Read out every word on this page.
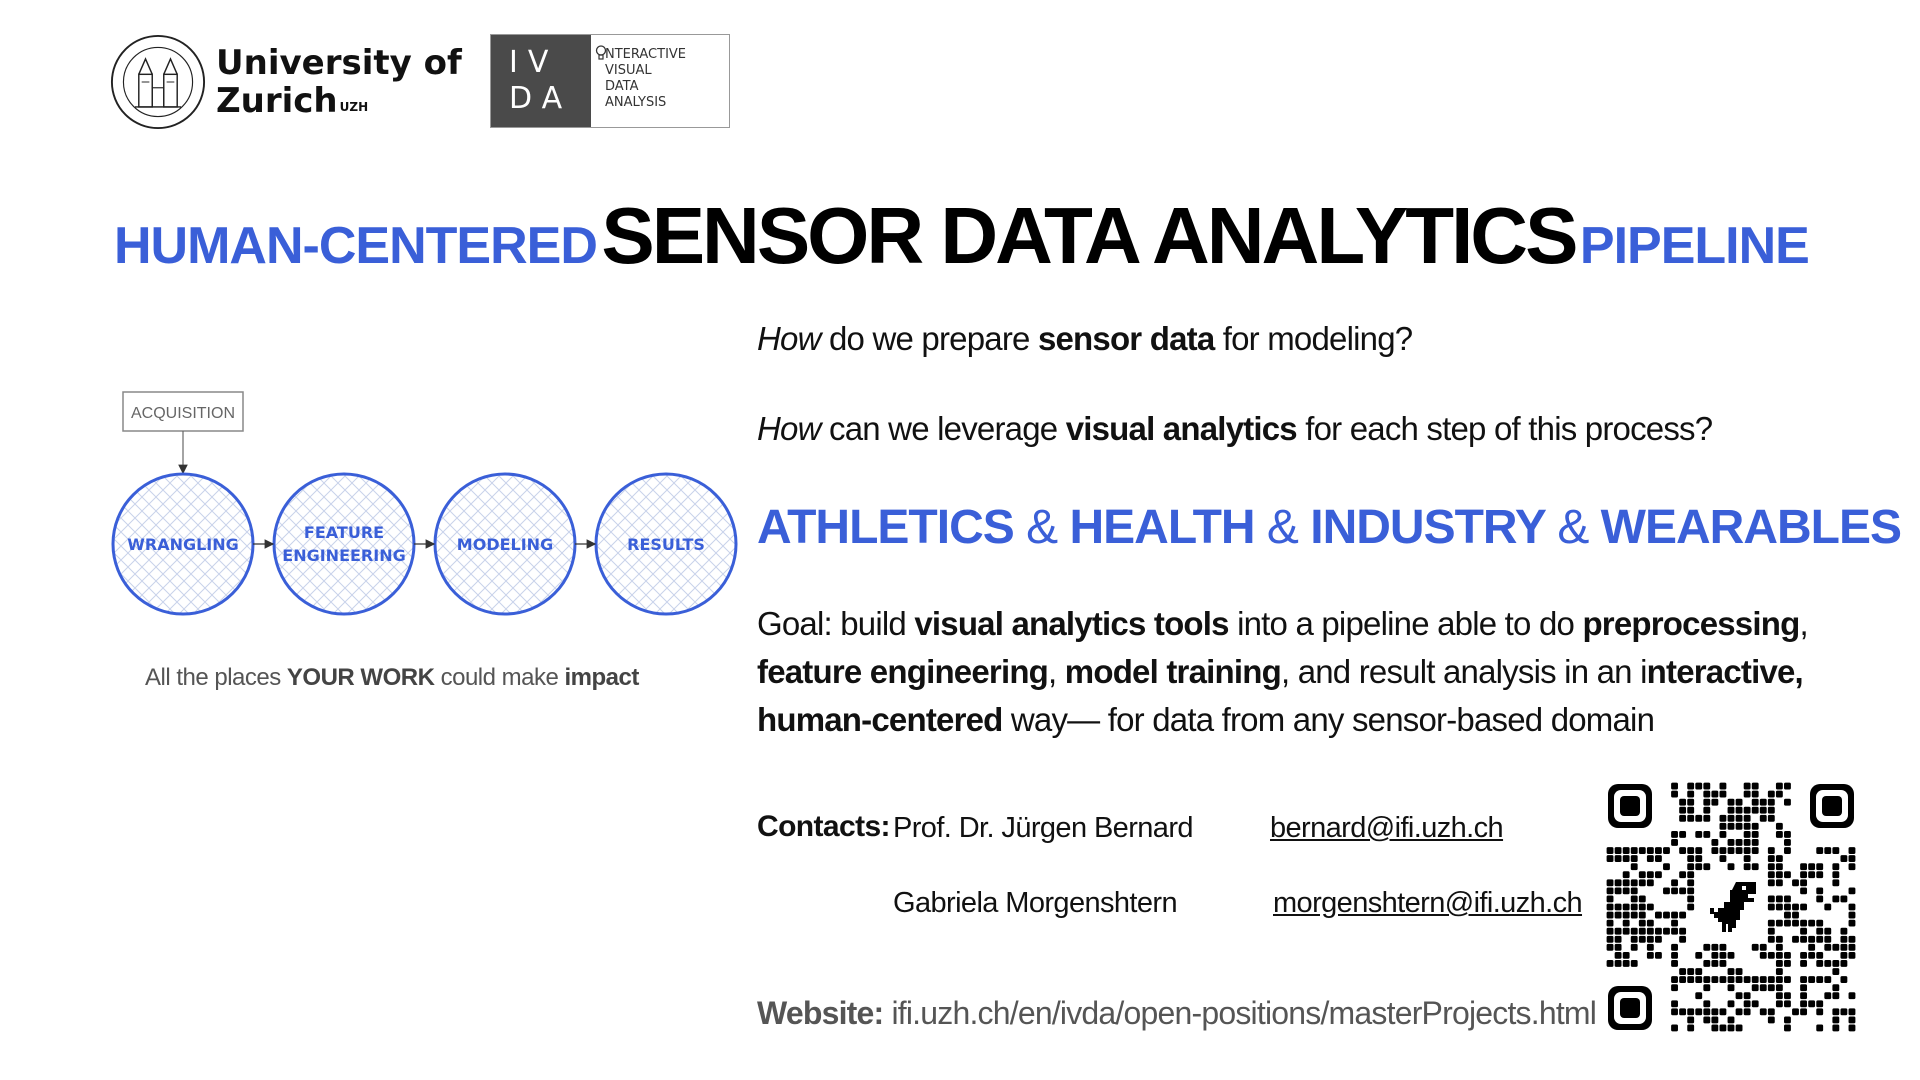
University of
Zurich $^{UZH}$
IV
DA
NTERACTIVE
VISUAL
DATA
ANALYSIS
HUMAN-CENTERED SENSOR DATA ANALYTICS PIPELINE
ACQUISITION
WRANGLING
FEATURE
ENGINEERING
MODELING	RESULTS
All the places YOUR WORK could make impact
How do we prepare sensor data for modeling?
How can we leverage visual analytics for each step of this process?
ATHLETICS & HEALTH & INDUSTRY & WEARABLES
Goal: build visual analytics tools into a pipeline able to do preprocessing,
feature engineering, model training, and result analysis in an interactive,
human-centered way— for data from any sensor-based domain
Contacts: Prof. Dr. Jürgen Bernard	bernard@ifi.uzh.ch
Gabriela Morgenshtern	morgenshtern@ifi.uzh.ch
Website: ifi.uzh.ch/en/ivda/open-positions/masterProjects.html
